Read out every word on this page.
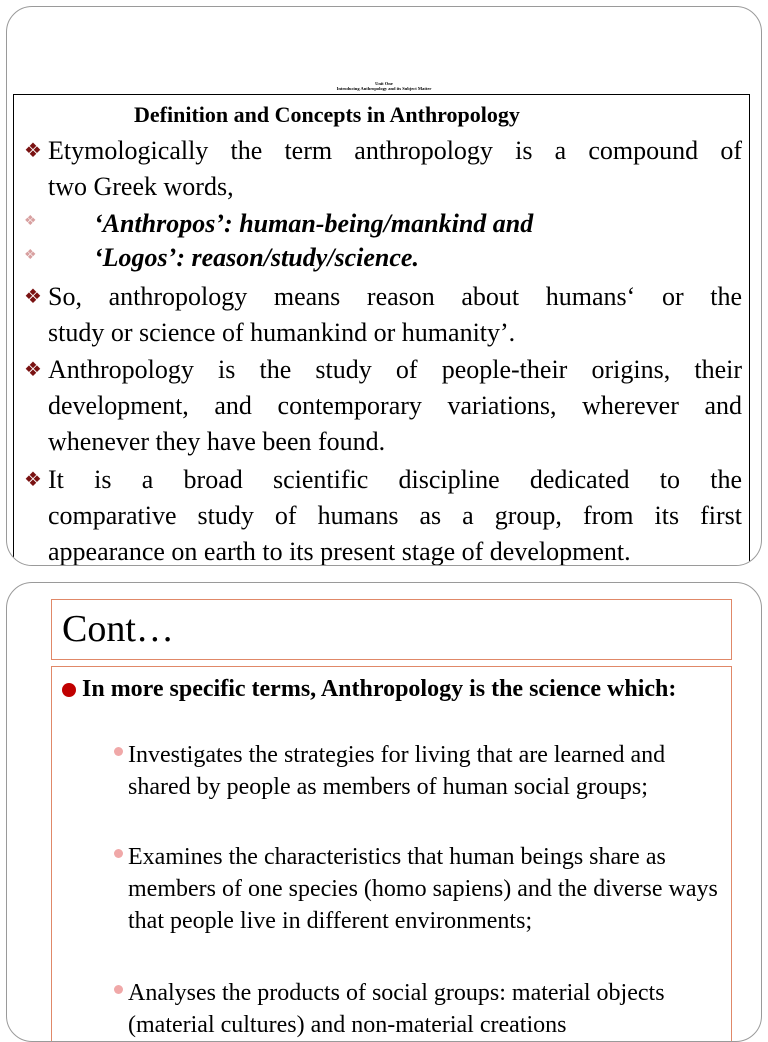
Unit One
Introducing Anthropology and its Subject Matter
Definition and Concepts in Anthropology
❖ Etymologically the term anthropology is a compound of
two Greek words,
❖ ‘Anthropos’: human-being/mankind and
❖ ‘Logos’: reason/study/science.
❖ So, anthropology means reason about humans‘ or the
study or science of humankind or humanity’.
❖ Anthropology is the study of people-their origins, their
development, and contemporary variations, wherever and
whenever they have been found.
❖ It is a broad scientific discipline dedicated to the
comparative study of humans as a group, from its first
appearance on earth to its present stage of development.
Cont…
In more specific terms, Anthropology is the science which:
Investigates the strategies for living that are learned and shared by people as members of human social groups;
Examines the characteristics that human beings share as members of one species (homo sapiens) and the diverse ways that people live in different environments;
Analyses the products of social groups: material objects (material cultures) and non-material creations
